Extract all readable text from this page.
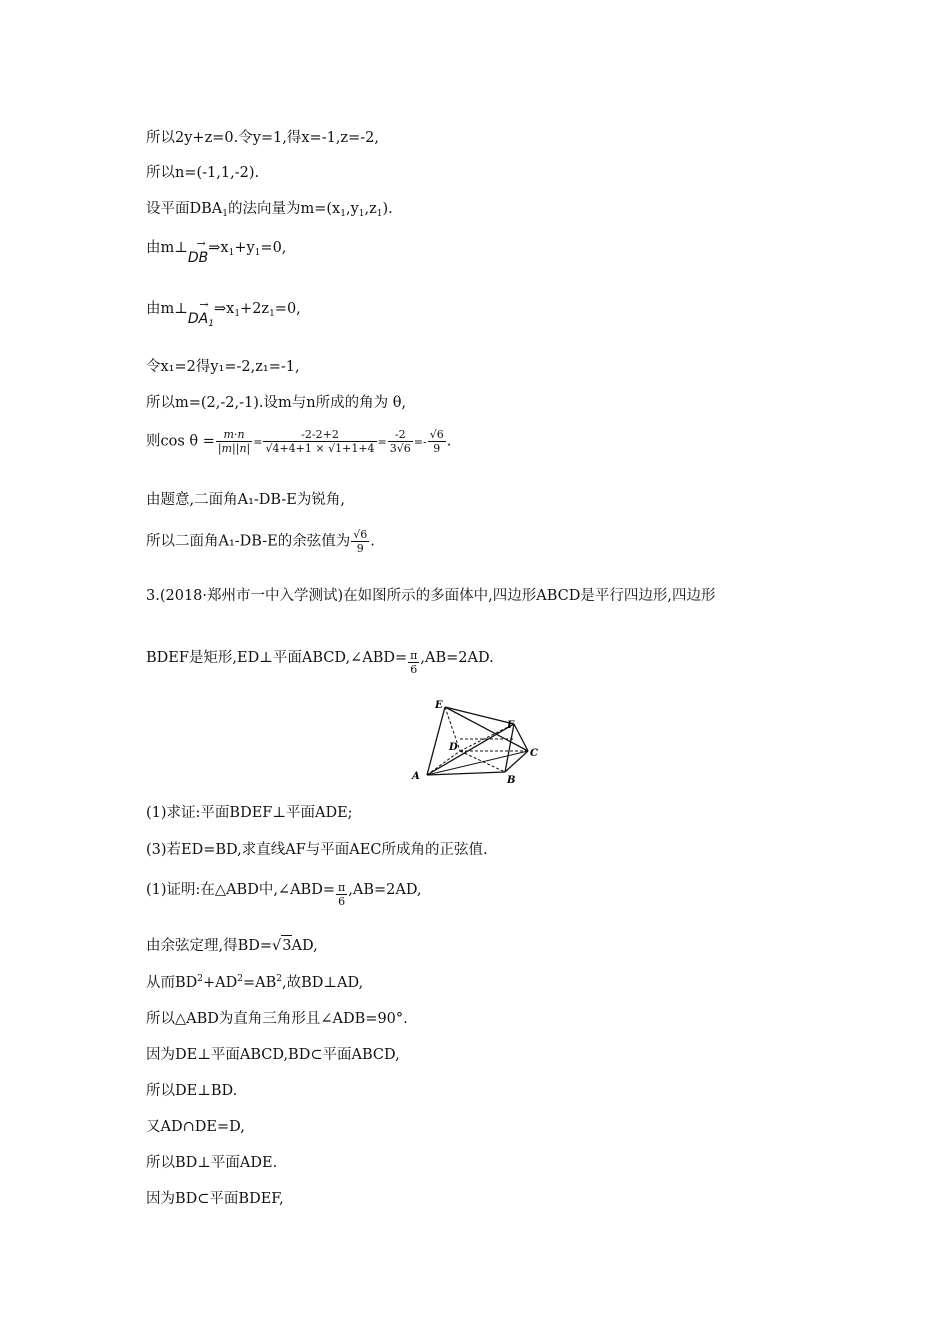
所以2y+z=0.令y=1,得x=-1,z=-2,
所以n=(-1,1,-2).
设平面$DBA_1$的法向量为$m=(x_1,y_1,z_1)$.
由m⊥ →
DB
$\Rightarrow x_1+y_1=0$,
由m⊥	→
$DA_1$
$\Rightarrow x_1+2z_1=0$,
令x₁=2得y₁=-2,z₁=-1,
所以m=(2,-2,-1).设m与n所成的角为 θ,
则$\cos \theta = \frac{m\cdot n}{|m||n|} = \frac{-2-2+2}{√4+4+1 \times √1+1+4} = \frac{-2}{3√6} =- \frac{√6}{9}$ .
由题意,二面角A₁-DB-E为锐角,
所以二面角A₁-DB-E的余弦值为 $\frac{√6}{9}$ .
3.(2018·郑州市一中入学测试)在如图所示的多面体中,四边形ABCD是平行四边形,四边形
BDEF是矩形,ED⊥平面ABCD,∠ABD= $\frac{\pi}{6} ,AB=2AD$.
E
F
D
C
A	B
(1)求证:平面BDEF⊥平面ADE;
(3)若ED=BD,求直线AF与平面AEC所成角的正弦值.
(1)证明:在△ABD中,∠ABD= $\frac{\pi}{6} ,AB=2AD$,
由余弦定理,得BD=√3AD,
从而$BD^2+AD^2=AB^2$,故BD⊥AD,
所以△ABD为直角三角形且∠ADB=90°.
因为DE⊥平面ABCD,BD⊂平面ABCD,
所以DE⊥BD.
又AD∩DE=D,
所以BD⊥平面ADE.
因为BD⊂平面BDEF,
